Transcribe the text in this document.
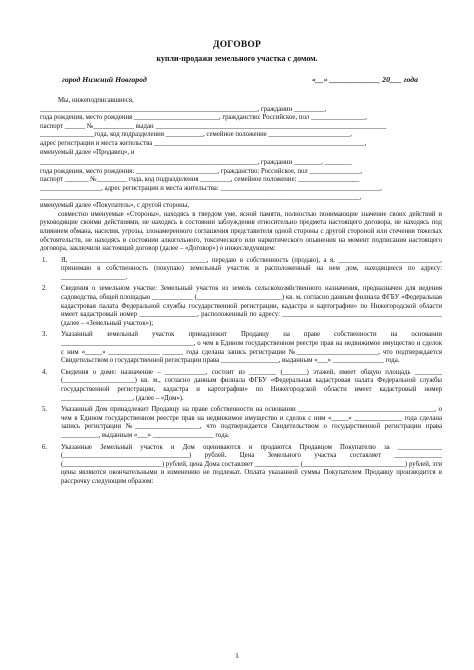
ДОГОВОР
купли-продажи земельного участка с домом.
город Нижний Новгород	«__» _____________ 20___ года

Мы, нижеподписавшиеся,

________________________________________________________________, гражданин _________,

года рождения, место рождения _________________________, гражданство: Российское, пол ________________,

паспорт ______ №____________ выдан ____________________________________________________________________

________________года, код подразделения ___________, семейное положение ________________________,

адрес регистрации и места жительства ______________________________________________________________,

именуемый далее «Продавец», и

________________________________________________________________, гражданин ________, ________

года рождения, место рождения: ________________________, гражданство: Российское, пол _______________,

паспорт _______ №_________ года, код подразделения _________, семейное положение: __________________

__________________, адрес регистрации и места жительства: _______________________________________________,

______________________________________________________________________________________________,

именуемый далее «Покупатель», с другой стороны,

совместно именуемые «Стороны», находясь в твердом уме, ясной памяти, полностью понимающие значение своих действий и руководящие своими действиями, не находясь в состоянии заблуждения относительно предмета настоящего договора, не находясь под влиянием обмана, насилия, угрозы, злонамеренного соглашения представителя одной стороны с другой стороной или стечения тяжелых обстоятельств, не находясь в состоянии алкогольного, токсического или наркотического опьянения на момент подписания настоящего договора, заключили настоящий договор (далее – «Договор») о нижеследующем:

1. Я, ________________________________________, передаю в собственность (продаю), а я, ______________________________, принимаю в собственность (покупаю) земельный участок и расположенный на нем дом, находящиеся по адресу: ___________________.

2. Сведения о земельном участке: Земельный участок из земель сельскохозяйственного назначения, предназначен для ведения садоводства, общей площадью ____________ (_________________________) кв. м, согласно данным филиала ФГБУ «Федеральная кадастровая палата Федеральной службы государственной регистрации, кадастра и картографии» по Нижегородской области имеет кадастровый номер _________________, расположенный по адресу: _______________________________________________ (далее – «Земельный участок»);

3. Указанный земельный участок принадлежит Продавцу на праве собственности на основании _______________________________________, о чем в Едином государственном реестре прав на недвижимое имущество и сделок с ним «_____» _______________ ______ года сделана запись регистрации №________________________, что подтверждается Свидетельством о государственной регистрации права _________________, выданным «___» _______________ года.

4. Сведения о доме: назначение – ____________, состоит из ________ (_______) этажей, имеет общую площадь ________ (_____________________) кв. м., согласно данным филиала ФГБУ «Федеральная кадастровая палата Федеральной службы государственной регистрации, кадастра и картографии» по Нижегородской области имеет кадастровый номер _____________________, (далее – «Дом»).

5. Указанный Дом принадлежит Продавцу на праве собственности на основании ________________________________________, о чем в Едином государственном реестре прав на недвижимое имущество и сделок с ним «_____» ______________ года сделана запись регистрации №___________________, что подтверждается Свидетельством о государственной регистрации права ___________, выданным «___» __________________ года.

6. Указанные Земельный участок и Дом оцениваются и продаются Продавцом Покупателю за _____________ (_____________________________________) рублей. Цена Земельного участка составляет ______________ (_____________________________) рублей, цена Дома составляет _____________ (______________________________) рублей, эти цены являются окончательными и изменению не подлежат. Оплата указанной суммы Покупателем Продавцу производится в рассрочку следующим образом:

1
